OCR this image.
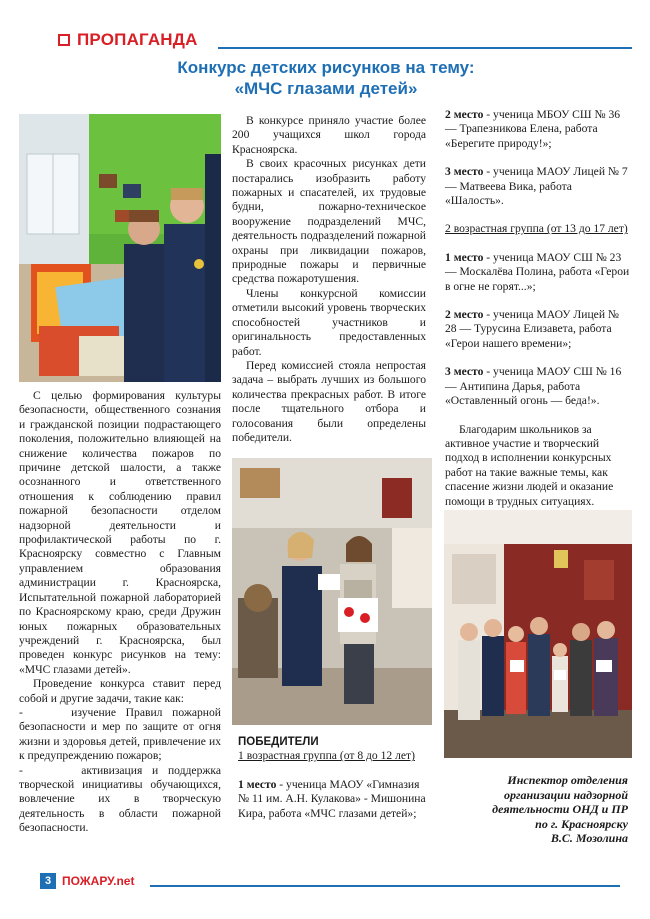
ПРОПАГАНДА
Конкурс детских рисунков на тему:
«МЧС глазами детей»

С целью формирования культуры безопасности, общественного сознания и гражданской позиции подрастающего поколения, положительно влияющей на снижение количества пожаров по причине детской шалости, а также осознанного и ответственного отношения к соблюдению правил пожарной безопасности отделом надзорной деятельности и профилактической работы по г. Красноярску совместно с Главным управлением образования администрации г. Красноярска, Испытательной пожарной лабораторией по Красноярскому краю, среди Дружин юных пожарных образовательных учреждений г. Красноярска, был проведен конкурс рисунков на тему: «МЧС глазами детей».

Проведение конкурса ставит перед собой и другие задачи, такие как:

-     изучение Правил пожарной безопасности и мер по защите от огня жизни и здоровья детей, привлечение их к предупреждению пожаров;

-      активизация и поддержка творческой инициативы обучающихся, вовлечение их в творческую деятельность в области пожарной безопасности.

В конкурсе приняло участие более 200 учащихся школ города Красноярска.

В своих красочных рисунках дети постарались изобразить работу пожарных и спасателей, их трудовые будни, пожарно-техническое вооружение подразделений МЧС, деятельность подразделений пожарной охраны при ликвидации пожаров, природные пожары и первичные средства пожаротушения.

Члены конкурсной комиссии отметили высокий уровень творческих способностей участников и оригинальность предоставленных работ.

Перед комиссией стояла непростая задача – выбрать лучших из большого количества прекрасных работ. В итоге после тщательного отбора и голосования были определены победители.

ПОБЕДИТЕЛИ

1 возрастная группа (от 8 до 12 лет)

1 место - ученица МАОУ «Гимназия № 11 им. А.Н. Кулакова» - Мишонина Кира, работа «МЧС глазами детей»;

2 место - ученица МБОУ СШ № 36 — Трапезникова Елена, работа «Берегите природу!»;

3 место - ученица МАОУ Лицей № 7 — Матвеева Вика, работа «Шалость».

2 возрастная группа (от 13 до 17 лет)

1 место - ученица МАОУ СШ № 23 — Москалёва Полина, работа «Герои в огне не горят...»;

2 место - ученица МАОУ Лицей № 28 — Турусина Елизавета, работа «Герои нашего времени»;

3 место - ученица МАОУ СШ № 16 — Антипина Дарья, работа «Оставленный огонь — беда!».

Благодарим школьников за активное участие и творческий подход в исполнении конкурсных работ на такие важные темы, как спасение жизни людей и оказание помощи в трудных ситуациях.

Инспектор отделения
организации надзорной
деятельности ОНД и ПР
по г. Красноярску
В.С. Мозолина
3 ПОЖАРУ.net
